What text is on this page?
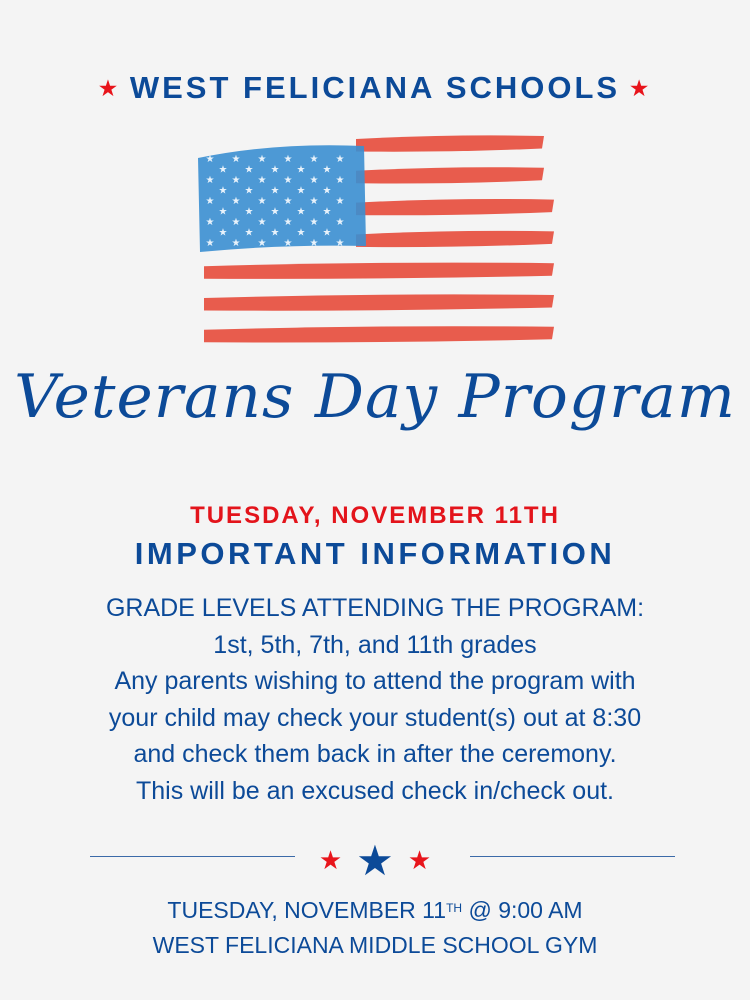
★ WEST FELICIANA SCHOOLS ★
★ ★ ★ ★ ★ ★
★ ★ ★ ★ ★
★ ★ ★ ★ ★ ★
★ ★ ★ ★ ★
★ ★ ★ ★ ★ ★
★ ★ ★ ★ ★
★ ★ ★ ★ ★ ★
★ ★ ★ ★ ★
★ ★ ★ ★ ★ ★
Veterans Day Program
TUESDAY, NOVEMBER 11TH
IMPORTANT INFORMATION
GRADE LEVELS ATTENDING THE PROGRAM:
1st, 5th, 7th, and 11th grades
Any parents wishing to attend the program with
your child may check your student(s) out at 8:30
and check them back in after the ceremony.
This will be an excused check in/check out.
★ ★ ★
TUESDAY, NOVEMBER 11TH @ 9:00 AM
WEST FELICIANA MIDDLE SCHOOL GYM
